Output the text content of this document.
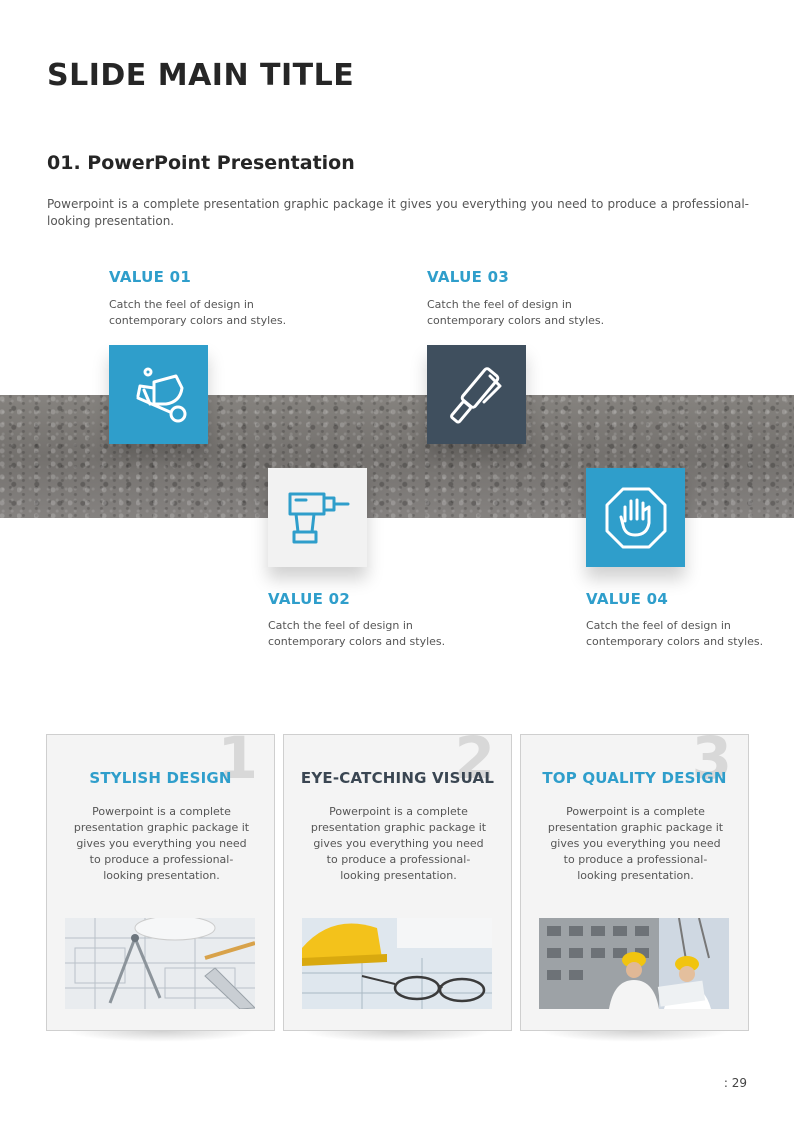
SLIDE MAIN TITLE
01. PowerPoint Presentation
Powerpoint is a complete presentation graphic package it gives you everything you need to produce a professional-looking presentation.
VALUE 01
Catch the feel of design in contemporary colors and styles.
VALUE 03
Catch the feel of design in contemporary colors and styles.
VALUE 02
Catch the feel of design in contemporary colors and styles.
VALUE 04
Catch the feel of design in contemporary colors and styles.
1
STYLISH DESIGN
Powerpoint is a complete presentation graphic package it gives you everything you need to produce a professional-looking presentation.
2
EYE-CATCHING VISUAL
Powerpoint is a complete presentation graphic package it gives you everything you need to produce a professional-looking presentation.
3
TOP QUALITY DESIGN
Powerpoint is a complete presentation graphic package it gives you everything you need to produce a professional-looking presentation.
: 29
